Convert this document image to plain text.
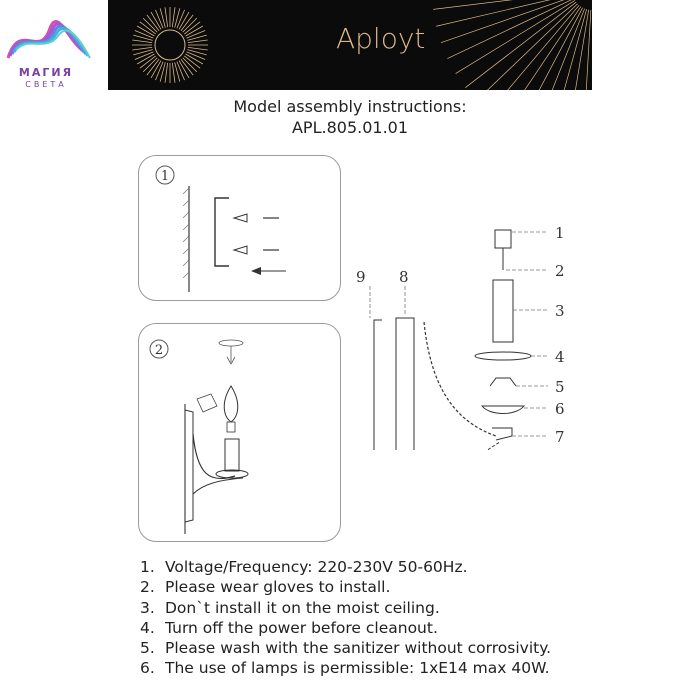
МАГИЯ
СВЕТА
Aployt
Model assembly instructions:
APL.805.01.01
1
2
1
2
3
4
5
6
7
8
9
1. Voltage/Frequency: 220-230V 50-60Hz.
2. Please wear gloves to install.
3. Don`t install it on the moist ceiling.
4. Turn off the power before cleanout.
5. Please wash with the sanitizer without corrosivity.
6. The use of lamps is permissible: 1xE14 max 40W.
